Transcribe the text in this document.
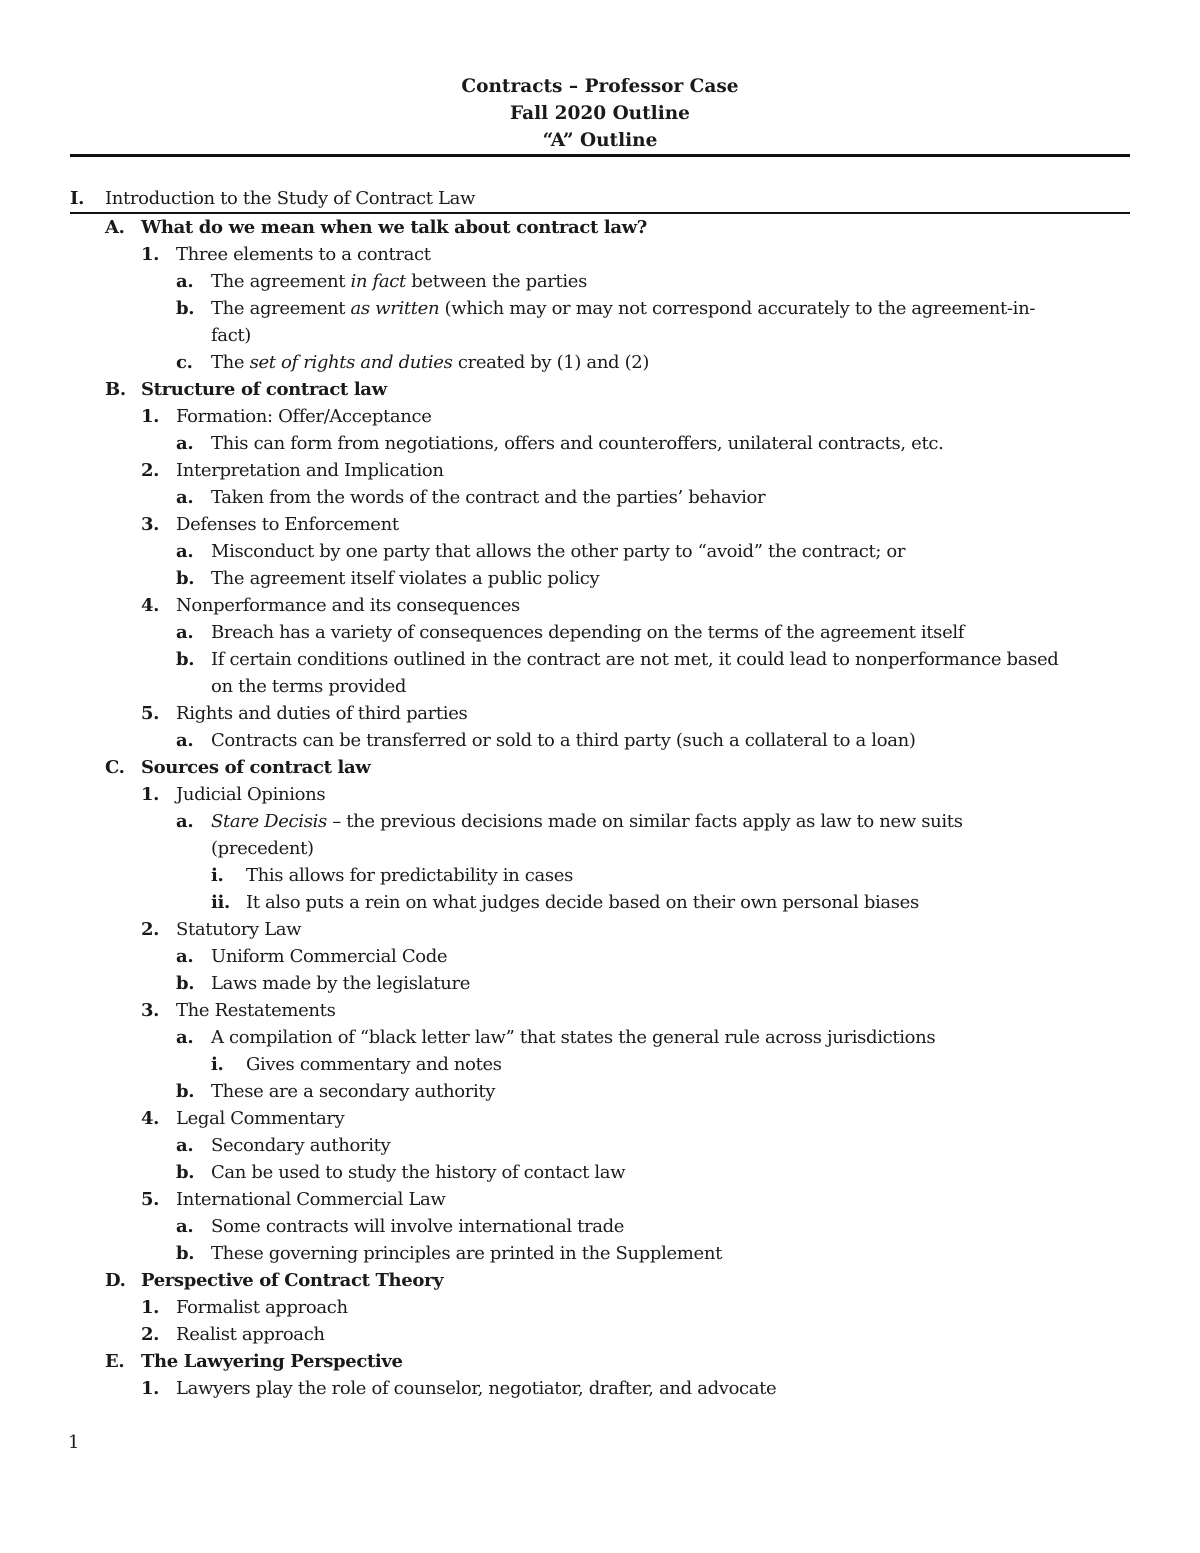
Contracts – Professor Case
Fall 2020 Outline
“A” Outline
I. Introduction to the Study of Contract Law
A. What do we mean when we talk about contract law?
1. Three elements to a contract
a. The agreement in fact between the parties
b. The agreement as written (which may or may not correspond accurately to the agreement-in-
fact)
c. The set of rights and duties created by (1) and (2)
B. Structure of contract law
1. Formation: Offer/Acceptance
a. This can form from negotiations, offers and counteroffers, unilateral contracts, etc.
2. Interpretation and Implication
a. Taken from the words of the contract and the parties’ behavior
3. Defenses to Enforcement
a. Misconduct by one party that allows the other party to “avoid” the contract; or
b. The agreement itself violates a public policy
4. Nonperformance and its consequences
a. Breach has a variety of consequences depending on the terms of the agreement itself
b. If certain conditions outlined in the contract are not met, it could lead to nonperformance based
on the terms provided
5. Rights and duties of third parties
a. Contracts can be transferred or sold to a third party (such a collateral to a loan)
C. Sources of contract law
1. Judicial Opinions
a. Stare Decisis – the previous decisions made on similar facts apply as law to new suits
(precedent)
i. This allows for predictability in cases
ii. It also puts a rein on what judges decide based on their own personal biases
2. Statutory Law
a. Uniform Commercial Code
b. Laws made by the legislature
3. The Restatements
a. A compilation of “black letter law” that states the general rule across jurisdictions
i. Gives commentary and notes
b. These are a secondary authority
4. Legal Commentary
a. Secondary authority
b. Can be used to study the history of contact law
5. International Commercial Law
a. Some contracts will involve international trade
b. These governing principles are printed in the Supplement
D. Perspective of Contract Theory
1. Formalist approach
2. Realist approach
E. The Lawyering Perspective
1. Lawyers play the role of counselor, negotiator, drafter, and advocate
1
